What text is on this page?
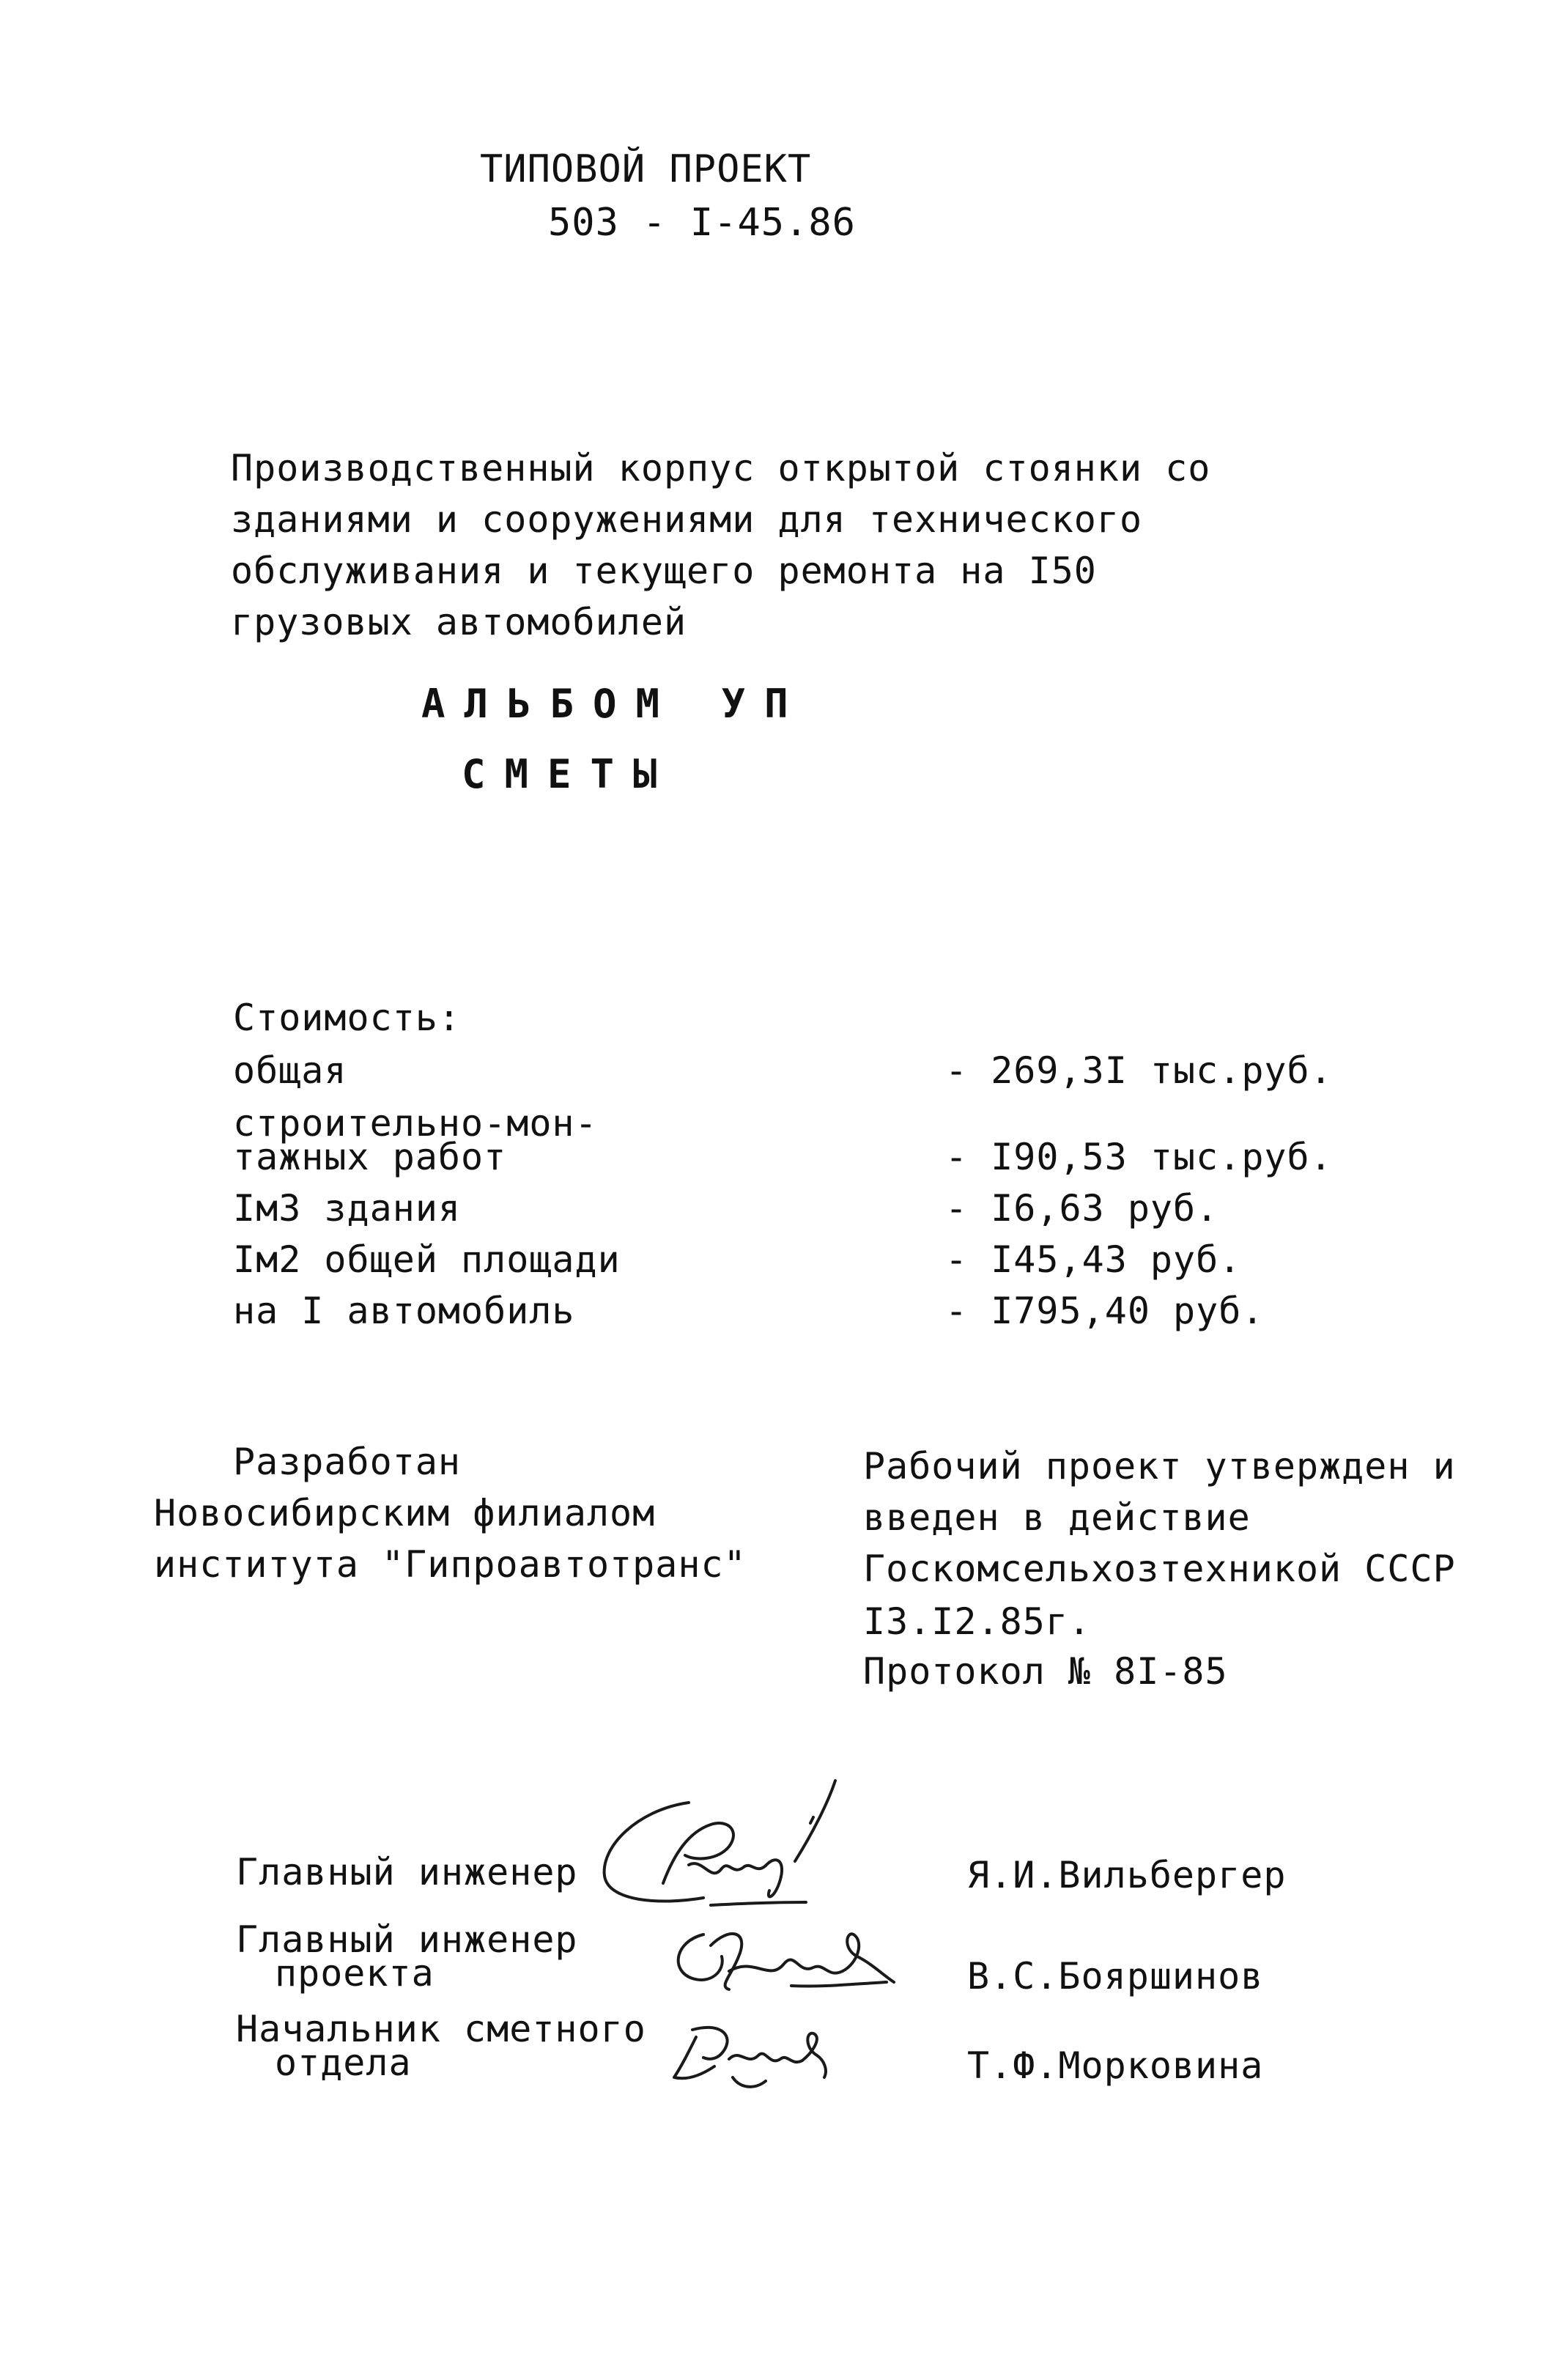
ТИПОВОЙ ПРОЕКТ
503 - I-45.86
Производственный корпус открытой стоянки со
зданиями и сооружениями для технического
обслуживания и текущего ремонта на I50
грузовых автомобилей
АЛЬБОМ УП
СМЕТЫ
Стоимость:
общая	- 269,3I тыс.руб.
строительно-мон-
тажных работ	- I90,53 тыс.руб.
Iм3 здания	- I6,63 руб.
Iм2 общей площади	- I45,43 руб.
на I автомобиль	- I795,40 руб.
Разработан
Новосибирским филиалом
института "Гипроавтотранс"
Рабочий проект утвержден и
введен в действие
Госкомсельхозтехникой СССР
I3.I2.85г.
Протокол № 8I-85
Главный инженер	Я.И.Вильбергер
Главный инженер
проекта	В.С.Бояршинов
Начальник сметного
отдела	Т.Ф.Морковина
